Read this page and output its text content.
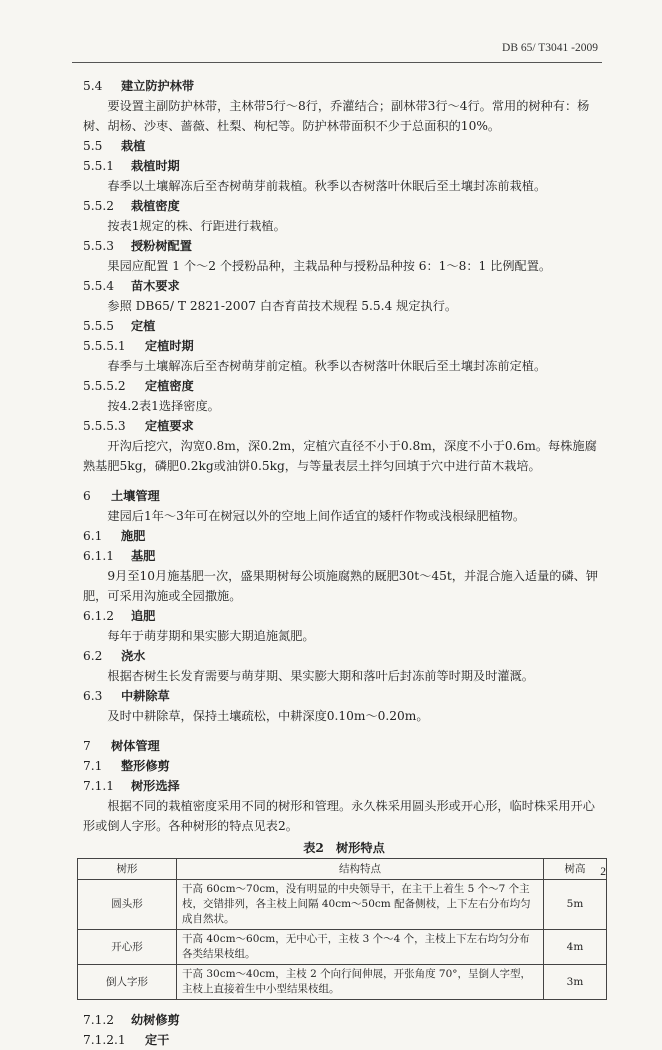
DB 65/ T3041 -2009
5.4 建立防护林带
要设置主副防护林带，主林带5行～8行，乔灌结合；副林带3行～4行。常用的树种有：杨树、胡杨、沙枣、蔷薇、杜梨、枸杞等。防护林带面积不少于总面积的10%。
5.5 栽植
5.5.1 栽植时期
春季以土壤解冻后至杏树萌芽前栽植。秋季以杏树落叶休眠后至土壤封冻前栽植。
5.5.2 栽植密度
按表1规定的株、行距进行栽植。
5.5.3 授粉树配置
果园应配置 1 个～2 个授粉品种，主栽品种与授粉品种按 6：1～8：1 比例配置。
5.5.4 苗木要求
参照 DB65/ T 2821-2007 白杏育苗技术规程 5.5.4 规定执行。
5.5.5 定植
5.5.5.1 定植时期
春季与土壤解冻后至杏树萌芽前定植。秋季以杏树落叶休眠后至土壤封冻前定植。
5.5.5.2 定植密度
按4.2表1选择密度。
5.5.5.3 定植要求
开沟后挖穴，沟宽0.8m，深0.2m，定植穴直径不小于0.8m，深度不小于0.6m。每株施腐熟基肥5kg，磷肥0.2kg或油饼0.5kg，与等量表层土拌匀回填于穴中进行苗木栽培。
6 土壤管理
建园后1年～3年可在树冠以外的空地上间作适宜的矮杆作物或浅根绿肥植物。
6.1 施肥
6.1.1 基肥
9月至10月施基肥一次，盛果期树每公顷施腐熟的厩肥30t～45t，并混合施入适量的磷、钾肥，可采用沟施或全园撒施。
6.1.2 追肥
每年于萌芽期和果实膨大期追施氮肥。
6.2 浇水
根据杏树生长发育需要与萌芽期、果实膨大期和落叶后封冻前等时期及时灌溉。
6.3 中耕除草
及时中耕除草，保持土壤疏松，中耕深度0.10m～0.20m。
7 树体管理
7.1 整形修剪
7.1.1 树形选择
根据不同的栽植密度采用不同的树形和管理。永久株采用圆头形或开心形，临时株采用开心形或倒人字形。各种树形的特点见表2。
表2　树形特点
树形	结构特点	树高
圆头形	干高 60cm～70cm，没有明显的中央领导干，在主干上着生 5 个～7 个主枝，交错排列，各主枝上间隔 40cm～50cm 配备侧枝，上下左右分布均匀成自然状。	5m
开心形	干高 40cm～60cm，无中心干，主枝 3 个～4 个，主枝上下左右均匀分布各类结果枝组。	4m
倒人字形	干高 30cm～40cm，主枝 2 个向行间伸展，开张角度 70°，呈倒人字型，主枝上直接着生中小型结果枝组。	3m
7.1.2 幼树修剪
7.1.2.1 定干
2
